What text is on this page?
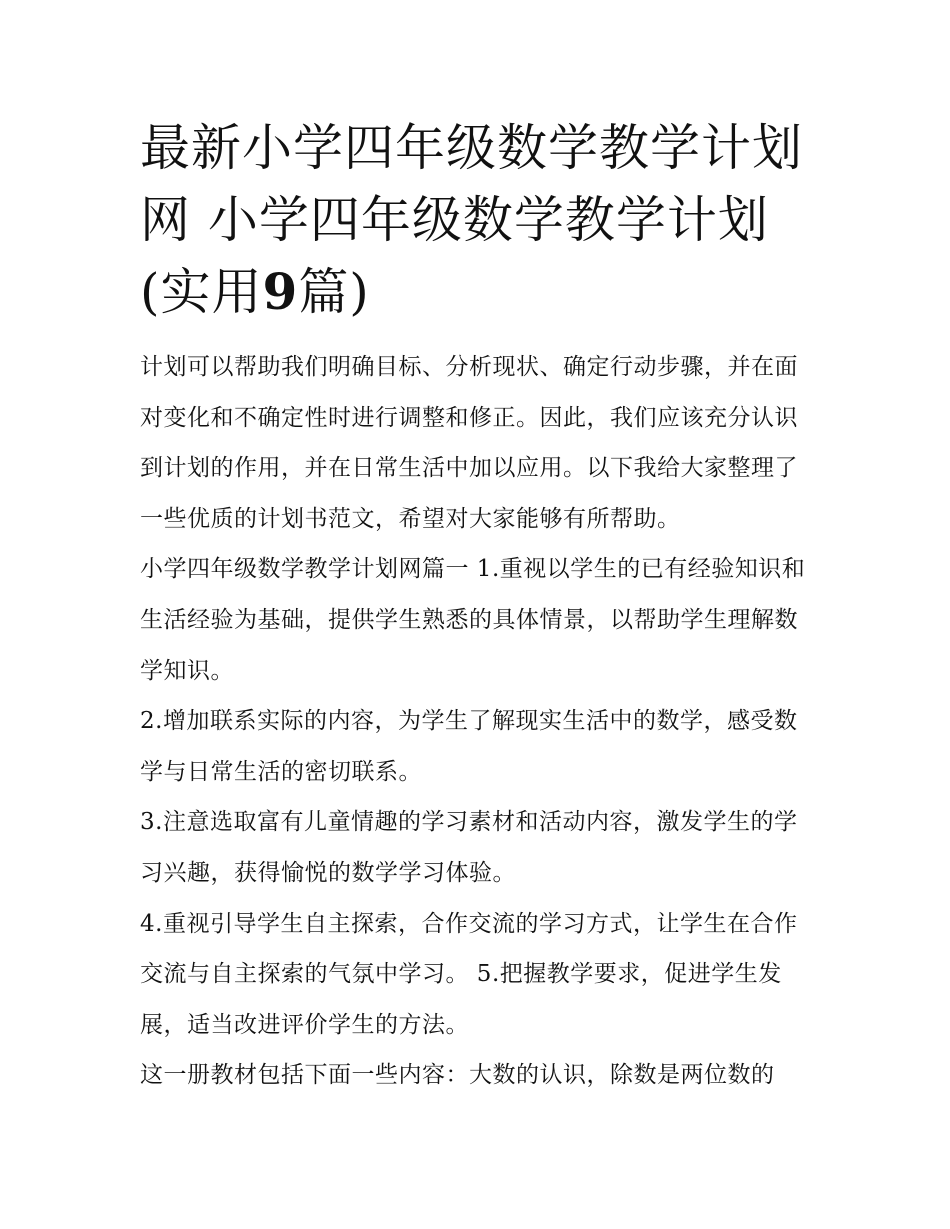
最新小学四年级数学教学计划网 小学四年级数学教学计划
(实用9篇)

计划可以帮助我们明确目标、分析现状、确定行动步骤，并在面对变化和不确定性时进行调整和修正。因此，我们应该充分认识到计划的作用，并在日常生活中加以应用。以下我给大家整理了一些优质的计划书范文，希望对大家能够有所帮助。

小学四年级数学教学计划网篇一 1.重视以学生的已有经验知识和生活经验为基础，提供学生熟悉的具体情景，以帮助学生理解数学知识。

2.增加联系实际的内容，为学生了解现实生活中的数学，感受数学与日常生活的密切联系。

3.注意选取富有儿童情趣的学习素材和活动内容，激发学生的学习兴趣，获得愉悦的数学学习体验。

4.重视引导学生自主探索，合作交流的学习方式，让学生在合作交流与自主探索的气氛中学习。 5.把握教学要求，促进学生发展，适当改进评价学生的方法。

这一册教材包括下面一些内容：大数的认识，除数是两位数的
